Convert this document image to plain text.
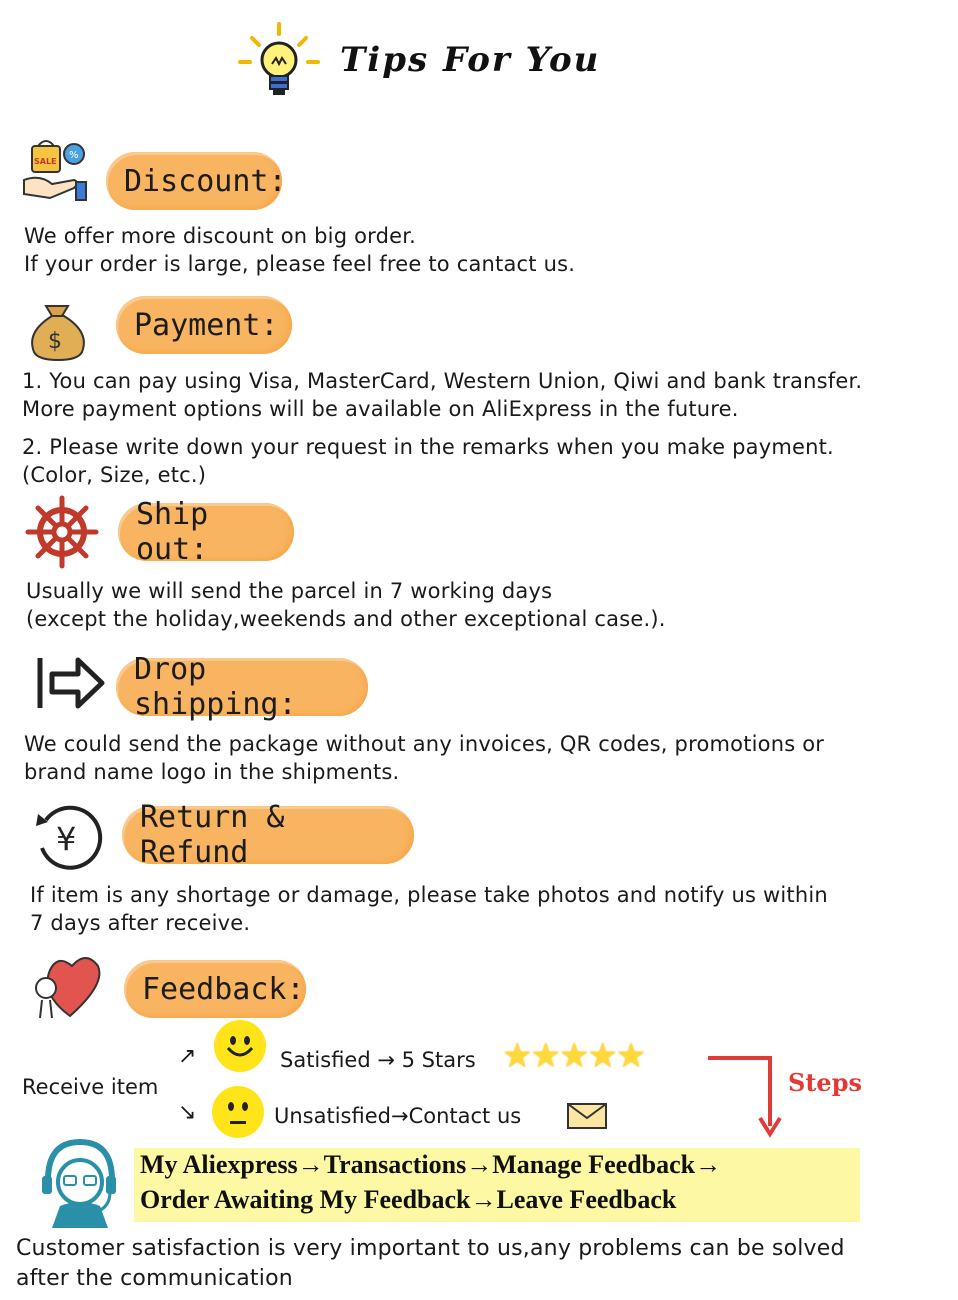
Tips For You
SALE
%
Discount:
We offer more discount on big order.
If your order is large, please feel free to cantact us.
$	Payment:
1. You can pay using Visa, MasterCard, Western Union, Qiwi and bank transfer.
More payment options will be available on AliExpress in the future.
2. Please write down your request in the remarks when you make payment.
(Color, Size, etc.)
Ship out:
Usually we will send the parcel in 7 working days
(except the holiday,weekends and other exceptional case.).
Drop shipping:
We could send the package without any invoices, QR codes, promotions or
brand name logo in the shipments.
¥
Return & Refund
If item is any shortage or damage, please take photos and notify us within
7 days after receive.
Feedback:
Receive item
↗
↘
Satisfied → 5 Stars ★★★★★
Unsatisfied→Contact us
Steps
My Aliexpress→Transactions→Manage Feedback→
Order Awaiting My Feedback→Leave Feedback
Customer satisfaction is very important to us,any problems can be solved
after the communication
